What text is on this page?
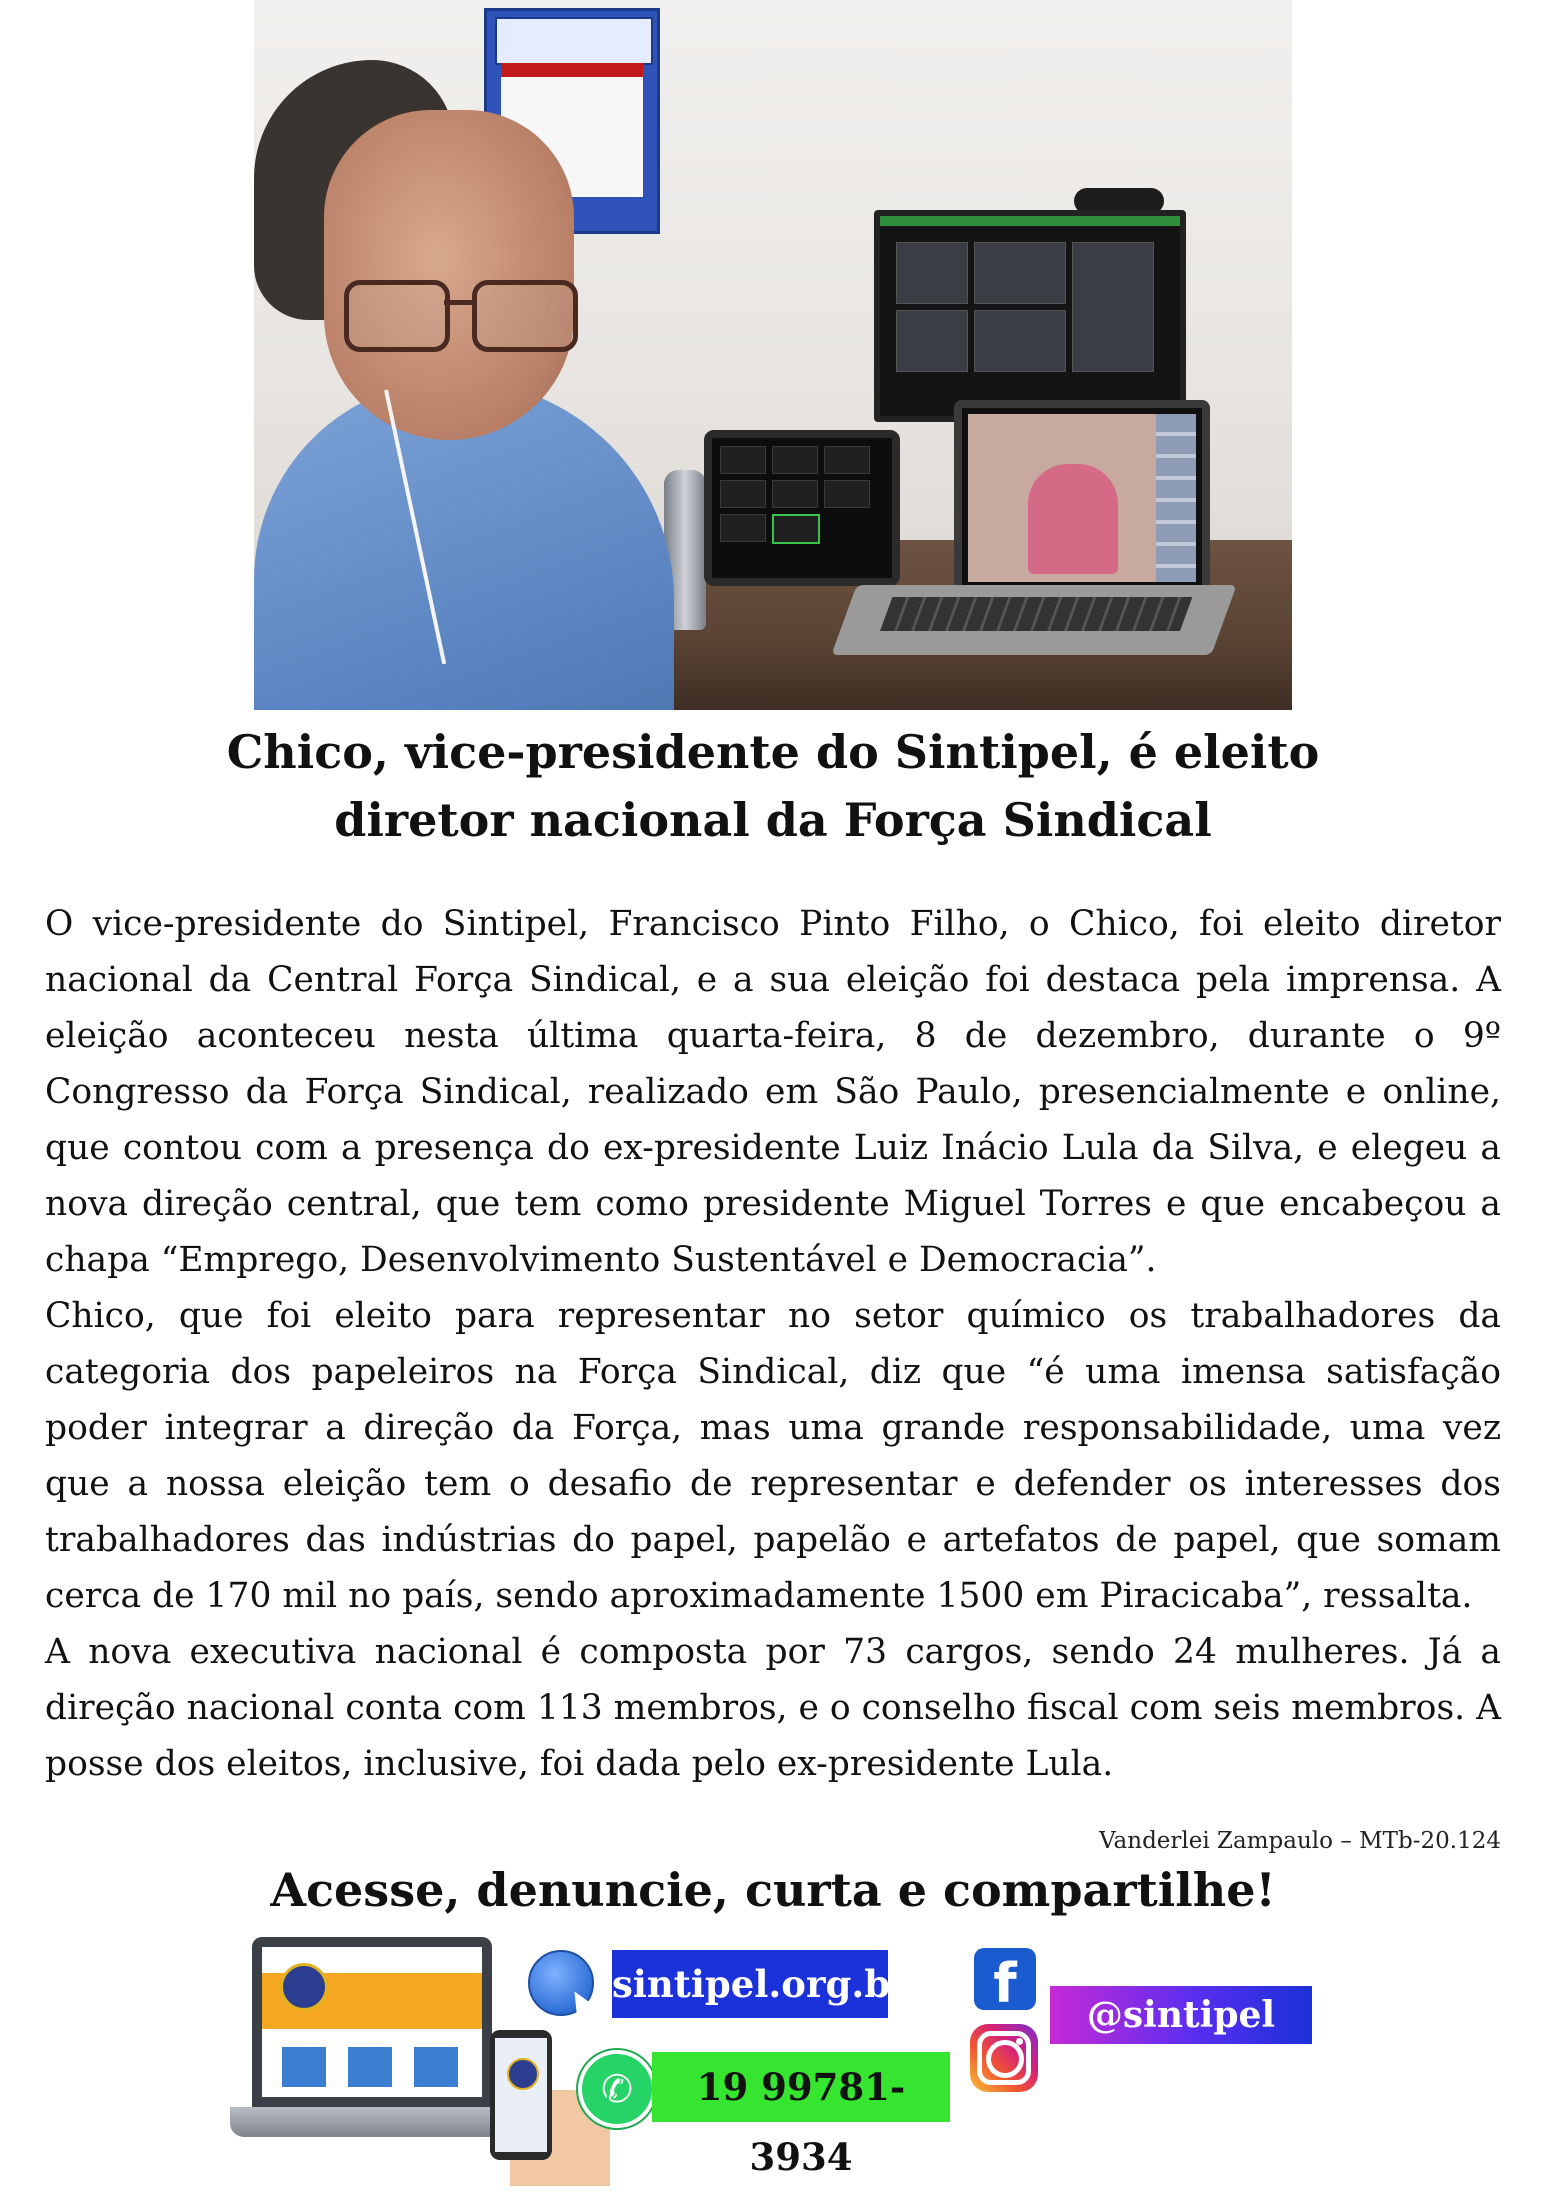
Chico, vice-presidente do Sintipel, é eleito
diretor nacional da Força Sindical

O vice-presidente do Sintipel, Francisco Pinto Filho, o Chico, foi eleito diretor nacional da Central Força Sindical, e a sua eleição foi destaca pela imprensa. A eleição aconteceu nesta última quarta-feira, 8 de dezembro, durante o 9º Congresso da Força Sindical, realizado em São Paulo, presencialmente e online, que contou com a presença do ex-presidente Luiz Inácio Lula da Silva, e elegeu a nova direção central, que tem como presidente Miguel Torres e que encabeçou a chapa “Emprego, Desenvolvimento Sustentável e Democracia”.

Chico, que foi eleito para representar no setor químico os trabalhadores da categoria dos papeleiros na Força Sindical, diz que “é uma imensa satisfação poder integrar a direção da Força, mas uma grande responsabilidade, uma vez que a nossa eleição tem o desafio de representar e defender os interesses dos trabalhadores das indústrias do papel, papelão e artefatos de papel, que somam cerca de 170 mil no país, sendo aproximadamente 1500 em Piracicaba”, ressalta.

A nova executiva nacional é composta por 73 cargos, sendo 24 mulheres. Já a direção nacional conta com 113 membros, e o conselho fiscal com seis membros. A posse dos eleitos, inclusive, foi dada pelo ex-presidente Lula.

Vanderlei Zampaulo – MTb-20.124
Acesse, denuncie, curta e compartilhe!
sintipel.org.br
✆	19 99781-3934
f	@sintipel
